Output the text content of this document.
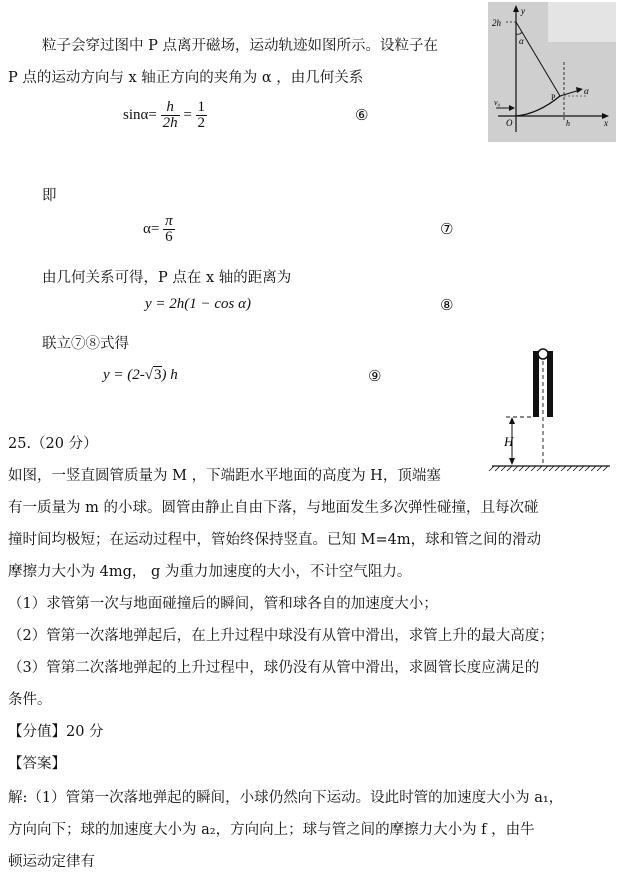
粒子会穿过图中 P 点离开磁场，运动轨迹如图所示。设粒子在
P 点的运动方向与 x 轴正方向的夹角为 α ，由几何关系
$\sin\alpha= \frac{h}{2h} = \frac{1}{2}$	⑥
2h
y
α
v₀
O
P
α
h	x
即
$\alpha= \frac{\pi}{6}$	⑦
由几何关系可得，P 点在 x 轴的距离为
y = 2h(1 − cos α)	⑧
联立⑦⑧式得
y = (2-√3) h	⑨
H
25.（20 分）
如图，一竖直圆管质量为 M ，下端距水平地面的高度为 H，顶端塞
有一质量为 m 的小球。圆管由静止自由下落，与地面发生多次弹性碰撞，且每次碰
撞时间均极短；在运动过程中，管始终保持竖直。已知 M=4m，球和管之间的滑动
摩擦力大小为 4mg， g 为重力加速度的大小，不计空气阻力。
（1）求管第一次与地面碰撞后的瞬间，管和球各自的加速度大小；
（2）管第一次落地弹起后，在上升过程中球没有从管中滑出，求管上升的最大高度；
（3）管第二次落地弹起的上升过程中，球仍没有从管中滑出，求圆管长度应满足的
条件。
【分值】20 分
【答案】
解:（1）管第一次落地弹起的瞬间，小球仍然向下运动。设此时管的加速度大小为 a₁，
方向向下；球的加速度大小为 a₂，方向向上；球与管之间的摩擦力大小为 f ，由牛
顿运动定律有
